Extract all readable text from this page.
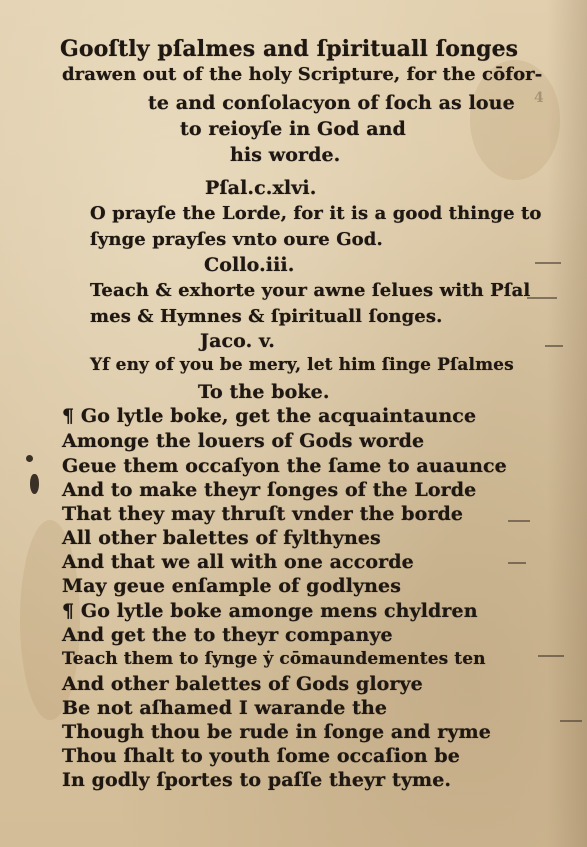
4
Gooſtly pſalmes and ſpirituall ſonges
drawen out of the holy Scripture, for the cōfor-
te and conſolacyon of ſoch as loue
to reioyſe in God and
his worde.
Pſal.c.xlvi.
O prayſe the Lorde, for it is a good thinge to
ſynge prayſes vnto oure God.
Collo.iii.
Teach & exhorte your awne ſelues with Pſal
mes & Hymnes & ſpirituall ſonges.
Jaco. v.
Yf eny of you be mery, let him ſinge Pſalmes
To the boke.
¶ Go lytle boke, get the acquaintaunce
Amonge the louers of Gods worde
Geue them occaſyon the ſame to auaunce
And to make theyr ſonges of the Lorde
That they may thruſt vnder the borde
All other balettes of fylthynes
And that we all with one accorde
May geue enſample of godlynes
¶ Go lytle boke amonge mens chyldren
And get the to theyr companye
Teach them to ſynge ẏ cōmaundementes ten
And other balettes of Gods glorye
Be not aſhamed I warande the
Though thou be rude in ſonge and ryme
Thou ſhalt to youth ſome occaſion be
In godly ſportes to paſſe theyr tyme.
